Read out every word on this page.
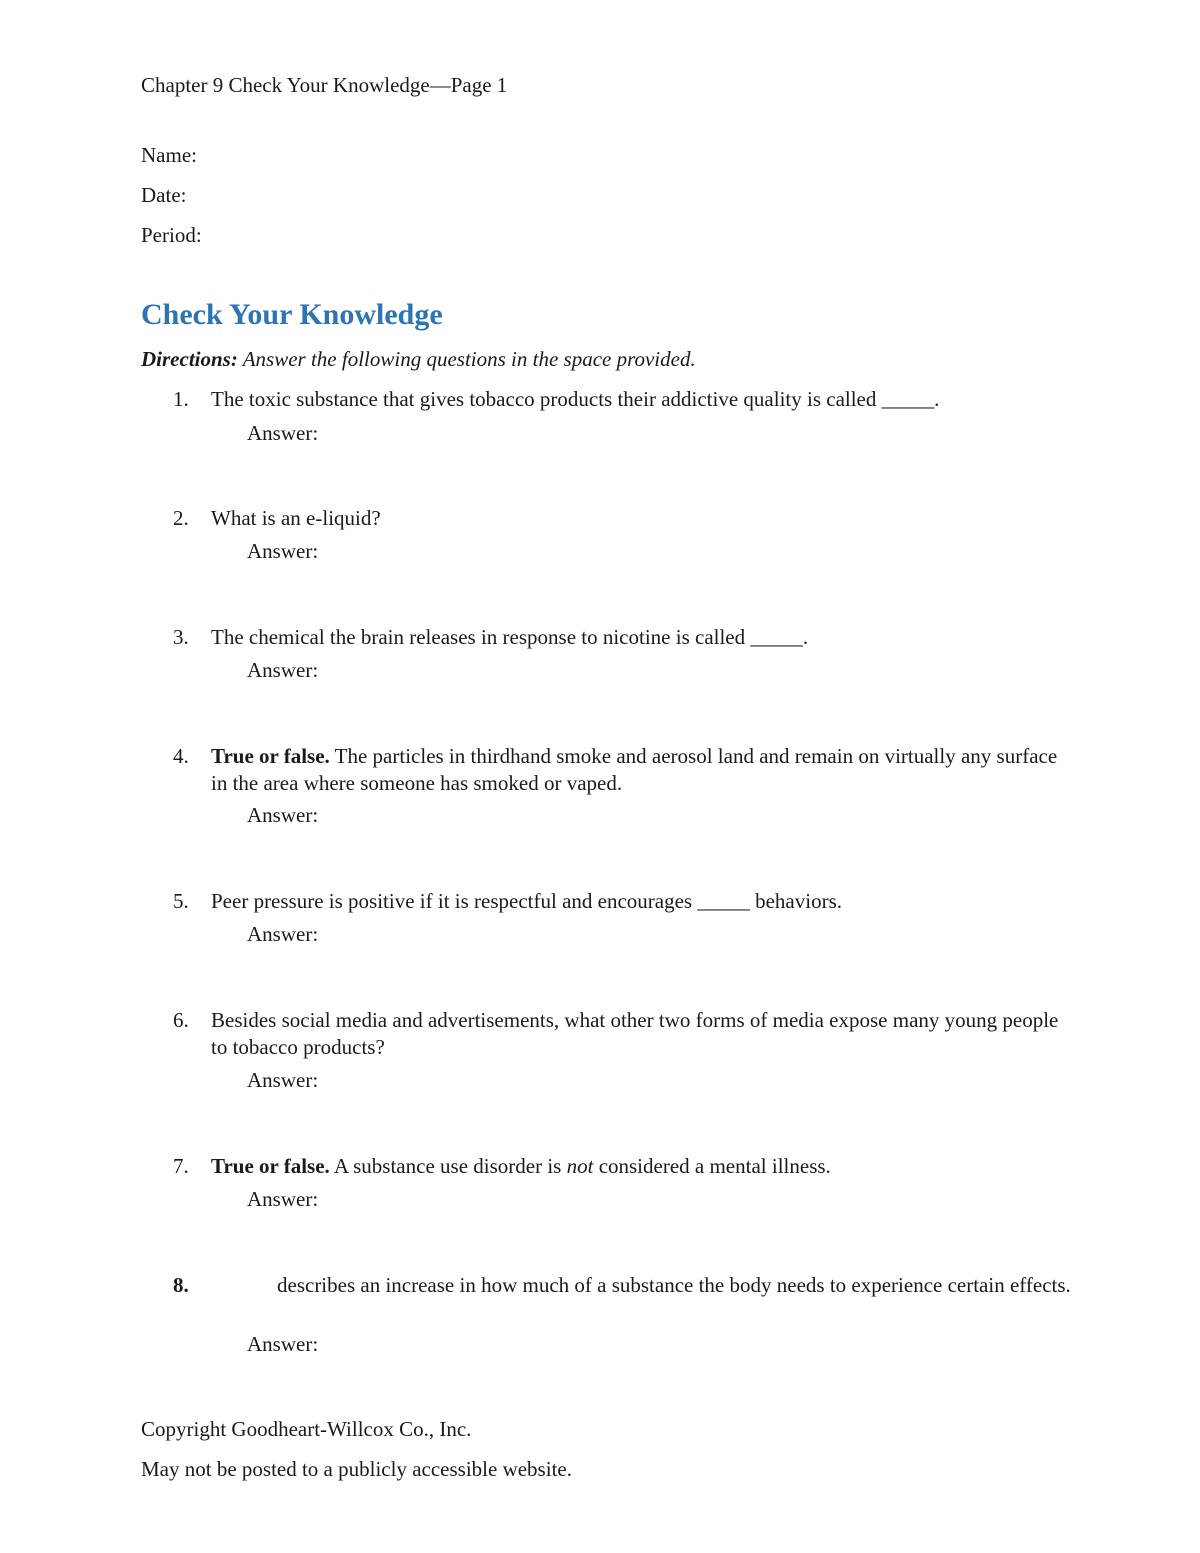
Chapter 9 Check Your Knowledge—Page 1
Name:
Date:
Period:
Check Your Knowledge
Directions: Answer the following questions in the space provided.
1. The toxic substance that gives tobacco products their addictive quality is called _____.
Answer:
2. What is an e-liquid?
Answer:
3. The chemical the brain releases in response to nicotine is called _____.
Answer:
4. True or false. The particles in thirdhand smoke and aerosol land and remain on virtually any surface in the area where someone has smoked or vaped.
Answer:
5. Peer pressure is positive if it is respectful and encourages _____ behaviors.
Answer:
6. Besides social media and advertisements, what other two forms of media expose many young people to tobacco products?
Answer:
7. True or false. A substance use disorder is not considered a mental illness.
Answer:
8.	describes an increase in how much of a substance the body needs to experience certain effects.
Answer:
Copyright Goodheart-Willcox Co., Inc.
May not be posted to a publicly accessible website.
